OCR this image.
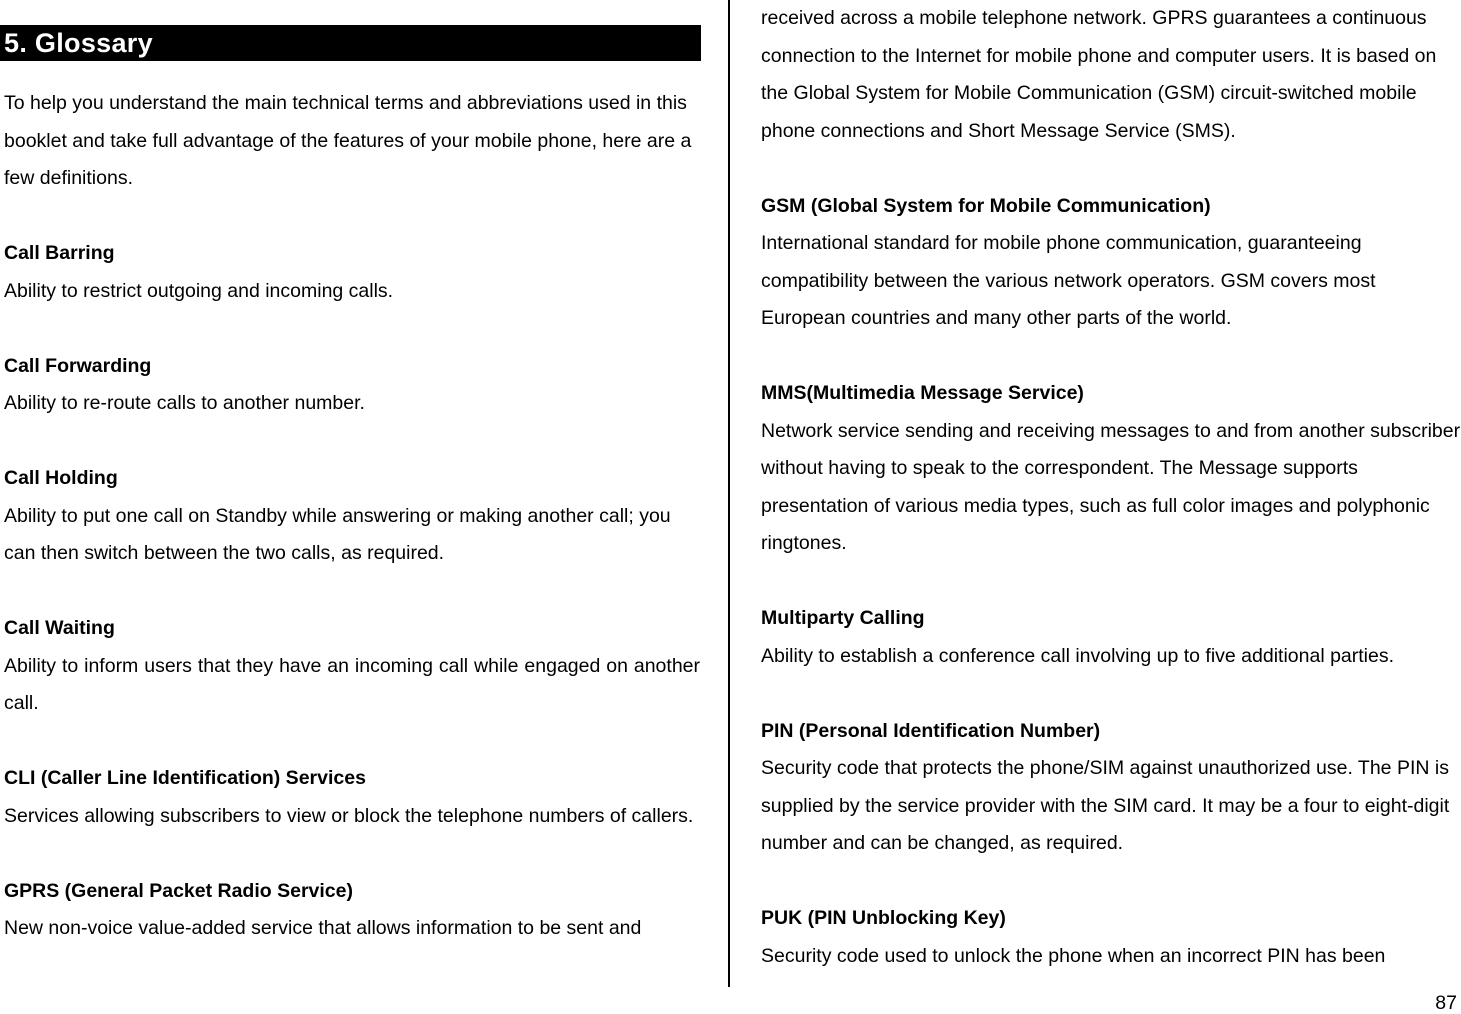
5. Glossary

To help you understand the main technical terms and abbreviations used in this booklet and take full advantage of the features of your mobile phone, here are a few definitions.

Call Barring

Ability to restrict outgoing and incoming calls.

Call Forwarding

Ability to re-route calls to another number.

Call Holding

Ability to put one call on Standby while answering or making another call; you can then switch between the two calls, as required.

Call Waiting

Ability to inform users that they have an incoming call while engaged on another call.

CLI (Caller Line Identification) Services

Services allowing subscribers to view or block the telephone numbers of callers.

GPRS (General Packet Radio Service)

New non-voice value-added service that allows information to be sent and

received across a mobile telephone network. GPRS guarantees a continuous connection to the Internet for mobile phone and computer users. It is based on the Global System for Mobile Communication (GSM) circuit-switched mobile phone connections and Short Message Service (SMS).

GSM (Global System for Mobile Communication)

International standard for mobile phone communication, guaranteeing compatibility between the various network operators. GSM covers most European countries and many other parts of the world.

MMS(Multimedia Message Service)

Network service sending and receiving messages to and from another subscriber without having to speak to the correspondent. The Message supports presentation of various media types, such as full color images and polyphonic ringtones.

Multiparty Calling

Ability to establish a conference call involving up to five additional parties.

PIN (Personal Identification Number)

Security code that protects the phone/SIM against unauthorized use. The PIN is supplied by the service provider with the SIM card. It may be a four to eight-digit number and can be changed, as required.

PUK (PIN Unblocking Key)

Security code used to unlock the phone when an incorrect PIN has been

87
